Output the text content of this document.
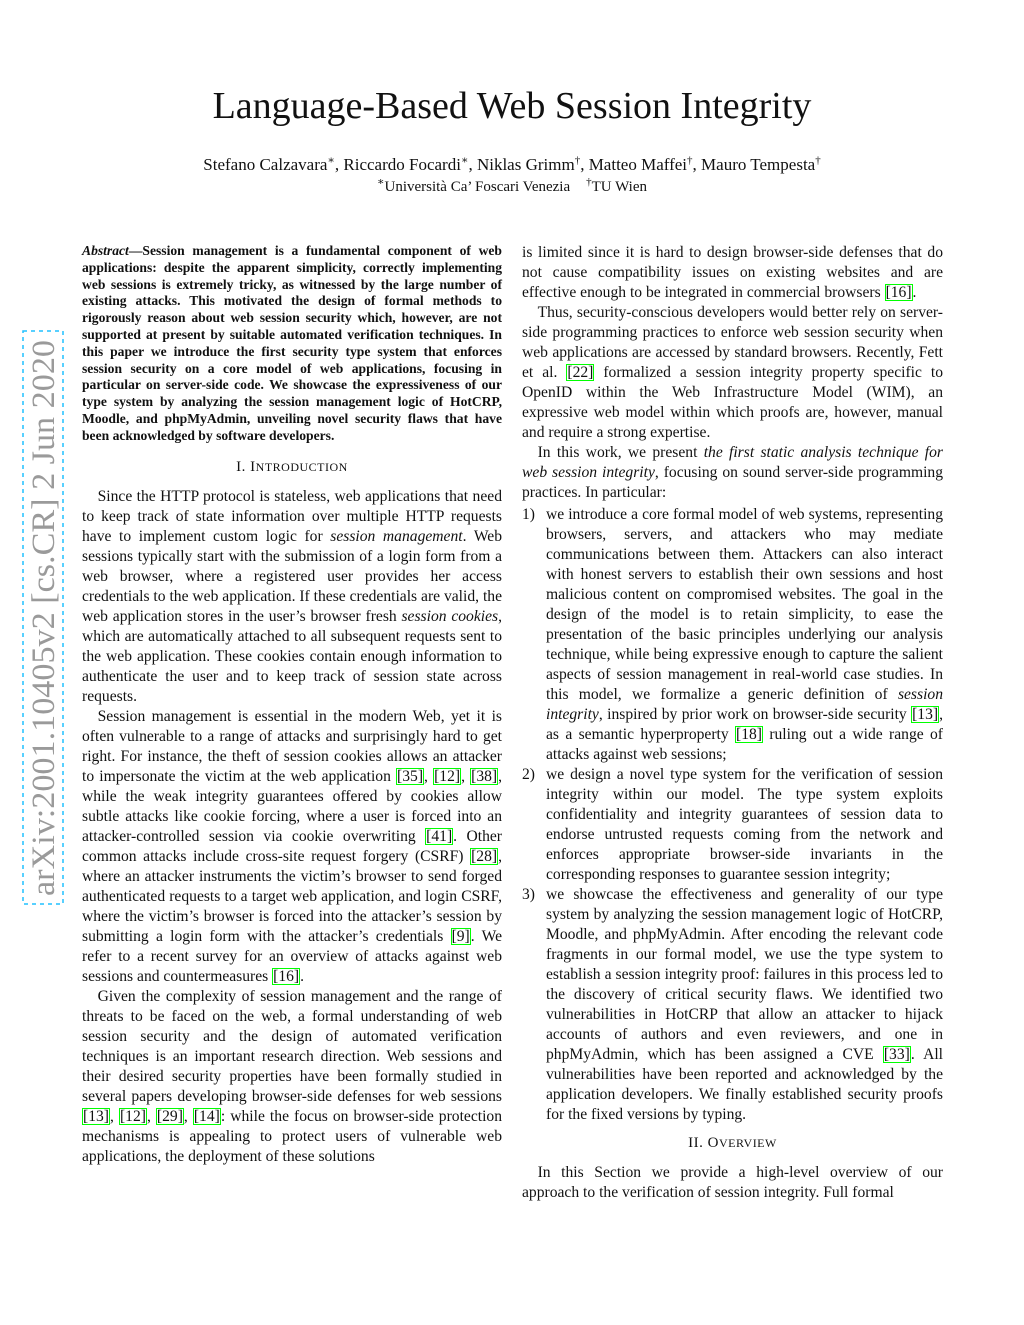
arXiv:2001.10405v2 [cs.CR] 2 Jun 2020
Language-Based Web Session Integrity
Stefano Calzavara∗, Riccardo Focardi∗, Niklas Grimm†, Matteo Maffei†, Mauro Tempesta†
∗Università Ca’ Foscari Venezia †TU Wien

Abstract—Session management is a fundamental component of web applications: despite the apparent simplicity, correctly implementing web sessions is extremely tricky, as witnessed by the large number of existing attacks. This motivated the design of formal methods to rigorously reason about web session security which, however, are not supported at present by suitable automated verification techniques. In this paper we introduce the first security type system that enforces session security on a core model of web applications, focusing in particular on server-side code. We showcase the expressiveness of our type system by analyzing the session management logic of HotCRP, Moodle, and phpMyAdmin, unveiling novel security flaws that have been acknowledged by software developers.

I. INTRODUCTION

Since the HTTP protocol is stateless, web applications that need to keep track of state information over multiple HTTP requests have to implement custom logic for session management. Web sessions typically start with the submission of a login form from a web browser, where a registered user provides her access credentials to the web application. If these credentials are valid, the web application stores in the user’s browser fresh session cookies, which are automatically attached to all subsequent requests sent to the web application. These cookies contain enough information to authenticate the user and to keep track of session state across requests.

Session management is essential in the modern Web, yet it is often vulnerable to a range of attacks and surprisingly hard to get right. For instance, the theft of session cookies allows an attacker to impersonate the victim at the web application [35], [12], [38], while the weak integrity guarantees offered by cookies allow subtle attacks like cookie forcing, where a user is forced into an attacker-controlled session via cookie overwriting [41]. Other common attacks include cross-site request forgery (CSRF) [28], where an attacker instruments the victim’s browser to send forged authenticated requests to a target web application, and login CSRF, where the victim’s browser is forced into the attacker’s session by submitting a login form with the attacker’s credentials [9]. We refer to a recent survey for an overview of attacks against web sessions and countermeasures [16].

Given the complexity of session management and the range of threats to be faced on the web, a formal understanding of web session security and the design of automated verification techniques is an important research direction. Web sessions and their desired security properties have been formally studied in several papers developing browser-side defenses for web sessions [13], [12], [29], [14]: while the focus on browser-side protection mechanisms is appealing to protect users of vulnerable web applications, the deployment of these solutions

is limited since it is hard to design browser-side defenses that do not cause compatibility issues on existing websites and are effective enough to be integrated in commercial browsers [16].

Thus, security-conscious developers would better rely on server-side programming practices to enforce web session security when web applications are accessed by standard browsers. Recently, Fett et al. [22] formalized a session integrity property specific to OpenID within the Web Infrastructure Model (WIM), an expressive web model within which proofs are, however, manual and require a strong expertise.

In this work, we present the first static analysis technique for web session integrity, focusing on sound server-side programming practices. In particular:

1) we introduce a core formal model of web systems, representing browsers, servers, and attackers who may mediate communications between them. Attackers can also interact with honest servers to establish their own sessions and host malicious content on compromised websites. The goal in the design of the model is to retain simplicity, to ease the presentation of the basic principles underlying our analysis technique, while being expressive enough to capture the salient aspects of session management in real-world case studies. In this model, we formalize a generic definition of session integrity, inspired by prior work on browser-side security [13], as a semantic hyperproperty [18] ruling out a wide range of attacks against web sessions;
2) we design a novel type system for the verification of session integrity within our model. The type system exploits confidentiality and integrity guarantees of session data to endorse untrusted requests coming from the network and enforces appropriate browser-side invariants in the corresponding responses to guarantee session integrity;
3) we showcase the effectiveness and generality of our type system by analyzing the session management logic of HotCRP, Moodle, and phpMyAdmin. After encoding the relevant code fragments in our formal model, we use the type system to establish a session integrity proof: failures in this process led to the discovery of critical security flaws. We identified two vulnerabilities in HotCRP that allow an attacker to hijack accounts of authors and even reviewers, and one in phpMyAdmin, which has been assigned a CVE [33]. All vulnerabilities have been reported and acknowledged by the application developers. We finally established security proofs for the fixed versions by typing.
II. OVERVIEW

In this Section we provide a high-level overview of our approach to the verification of session integrity. Full formal
